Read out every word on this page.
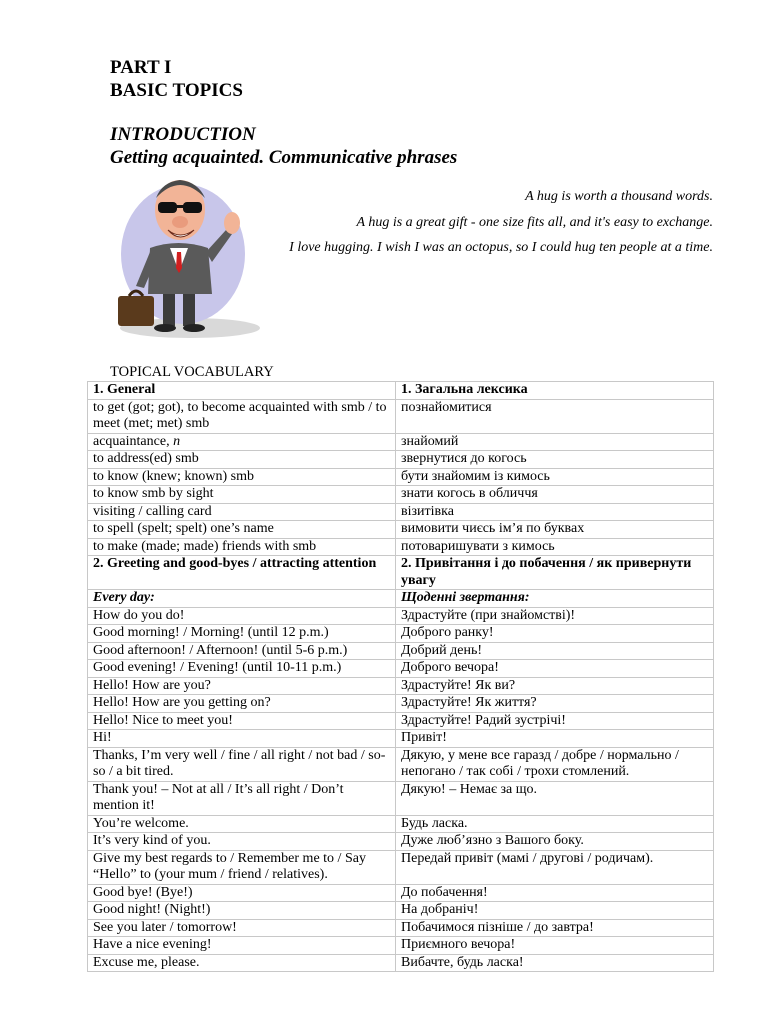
PART I
BASIC TOPICS
INTRODUCTION
Getting acquainted. Communicative phrases
A hug is worth a thousand words.
A hug is a great gift - one size fits all, and it's easy to exchange.
I love hugging. I wish I was an octopus, so I could hug ten people at a time.
TOPICAL VOCABULARY
1. General	1. Загальна лексика
to get (got; got), to become acquainted with smb / to meet (met; met) smb	познайомитися
acquaintance, n	знайомий
to address(ed) smb	звернутися до когось
to know (knew; known) smb	бути знайомим із кимось
to know smb by sight	знати когось в обличчя
visiting / calling card	візитівка
to spell (spelt; spelt) one’s name	вимовити чиєсь ім’я по буквах
to make (made; made) friends with smb	потоваришувати з кимось
2. Greeting and good-byes / attracting attention	2. Привітання і до побачення / як привернути увагу
Every day:	Щоденні звертання:
How do you do!	Здрастуйте (при знайомстві)!
Good morning! / Morning! (until 12 p.m.)	Доброго ранку!
Good afternoon! / Afternoon! (until 5-6 p.m.)	Добрий день!
Good evening! / Evening! (until 10-11 p.m.)	Доброго вечора!
Hello! How are you?	Здрастуйте! Як ви?
Hello! How are you getting on?	Здрастуйте! Як життя?
Hello! Nice to meet you!	Здрастуйте! Радий зустрічі!
Hi!	Привіт!
Thanks, I’m very well / fine / all right / not bad / so-so / a bit tired.	Дякую, у мене все гаразд / добре / нормально / непогано / так собі / трохи стомлений.
Thank you! – Not at all / It’s all right / Don’t mention it!	Дякую! – Немає за що.
You’re welcome.	Будь ласка.
It’s very kind of you.	Дуже люб’язно з Вашого боку.
Give my best regards to / Remember me to / Say “Hello” to (your mum / friend / relatives).	Передай привіт (мамі / другові / родичам).
Good bye! (Bye!)	До побачення!
Good night! (Night!)	На добраніч!
See you later / tomorrow!	Побачимося пізніше / до завтра!
Have a nice evening!	Приємного вечора!
Excuse me, please.	Вибачте, будь ласка!
